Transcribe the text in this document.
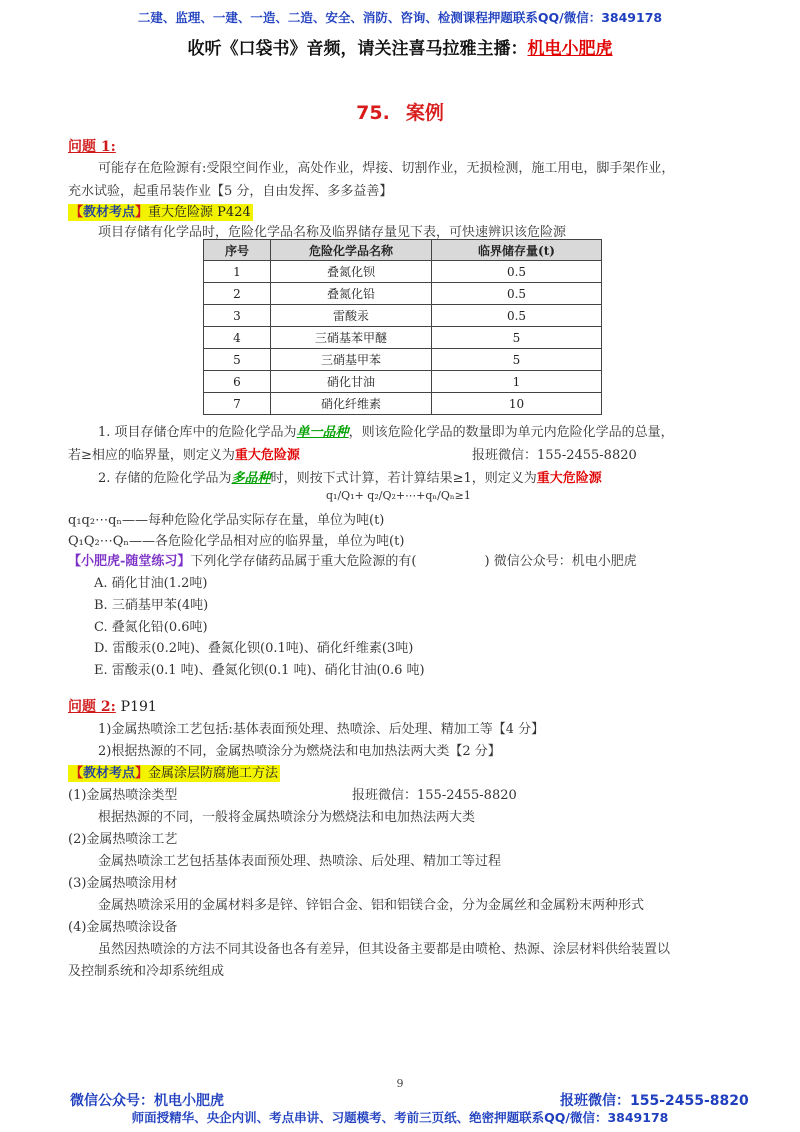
二建、监理、一建、一造、二造、安全、消防、咨询、检测课程押题联系QQ/微信：3849178
收听《口袋书》音频，请关注喜马拉雅主播：机电小肥虎
75. 案例
问题 1:
可能存在危险源有:受限空间作业，高处作业，焊接、切割作业，无损检测，施工用电，脚手架作业，
充水试验，起重吊装作业【5 分，自由发挥、多多益善】
【教材考点】重大危险源 P424
项目存储有化学品时，危险化学品名称及临界储存量见下表，可快速辨识该危险源
序号	危险化学品名称	临界储存量(t)
1	叠氮化钡	0.5
2	叠氮化铅	0.5
3	雷酸汞	0.5
4	三硝基苯甲醚	5
5	三硝基甲苯	5
6	硝化甘油	1
7	硝化纤维素	10
1. 项目存储仓库中的危险化学品为单一品种，则该危险化学品的数量即为单元内危险化学品的总量，
若≥相应的临界量，则定义为重大危险源	报班微信：155-2455-8820
2. 存储的危险化学品为多品种时，则按下式计算，若计算结果≥1，则定义为重大危险源
q₁/Q₁+ q₂/Q₂+⋯+qₙ/Qₙ≥1
q₁q₂⋯qₙ——每种危险化学品实际存在量，单位为吨(t)
Q₁Q₂⋯Qₙ——各危险化学品相对应的临界量，单位为吨(t)
【小肥虎-随堂练习】下列化学存储药品属于重大危险源的有(	) 微信公众号：机电小肥虎
A. 硝化甘油(1.2吨)
B. 三硝基甲苯(4吨)
C. 叠氮化铅(0.6吨)
D. 雷酸汞(0.2吨)、叠氮化钡(0.1吨)、硝化纤维素(3吨)
E. 雷酸汞(0.1 吨)、叠氮化钡(0.1 吨)、硝化甘油(0.6 吨)
问题 2: P191
1)金属热喷涂工艺包括:基体表面预处理、热喷涂、后处理、精加工等【4 分】
2)根据热源的不同，金属热喷涂分为燃烧法和电加热法两大类【2 分】
【教材考点】金属涂层防腐施工方法
(1)金属热喷涂类型	报班微信：155-2455-8820
根据热源的不同，一般将金属热喷涂分为燃烧法和电加热法两大类
(2)金属热喷涂工艺
金属热喷涂工艺包括基体表面预处理、热喷涂、后处理、精加工等过程
(3)金属热喷涂用材
金属热喷涂采用的金属材料多是锌、锌铝合金、铝和铝镁合金，分为金属丝和金属粉末两种形式
(4)金属热喷涂设备
虽然因热喷涂的方法不同其设备也各有差异，但其设备主要都是由喷枪、热源、涂层材料供给装置以
及控制系统和冷却系统组成
9
微信公众号：机电小肥虎	报班微信：155-2455-8820
师面授精华、央企内训、考点串讲、习题模考、考前三页纸、绝密押题联系QQ/微信：3849178
